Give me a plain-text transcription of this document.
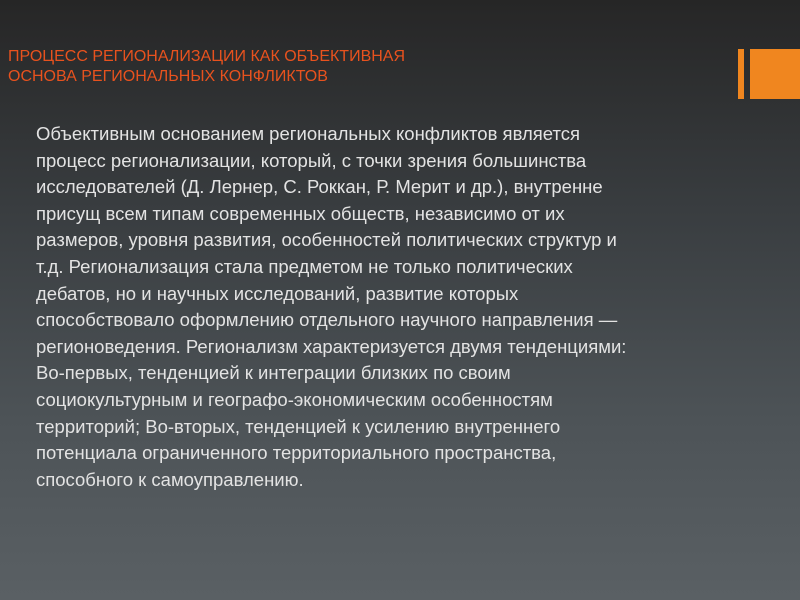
ПРОЦЕСС РЕГИОНАЛИЗАЦИИ КАК ОБЪЕКТИВНАЯ
ОСНОВА РЕГИОНАЛЬНЫХ КОНФЛИКТОВ

Объективным основанием региональных конфликтов является
процесс регионализации, который, с точки зрения большинства
исследователей (Д. Лернер, С. Роккан, Р. Мерит и др.), внутренне
присущ всем типам современных обществ, независимо от их
размеров, уровня развития, особенностей политических структур и
т.д. Регионализация стала предметом не только политических
дебатов, но и научных исследований, развитие которых
способствовало оформлению отдельного научного направления —
регионоведения. Регионализм характеризуется двумя тенденциями:
Во-первых, тенденцией к интеграции близких по своим
социокультурным и географо-экономическим особенностям
территорий; Во-вторых, тенденцией к усилению внутреннего
потенциала ограниченного территориального пространства,
способного к самоуправлению.
